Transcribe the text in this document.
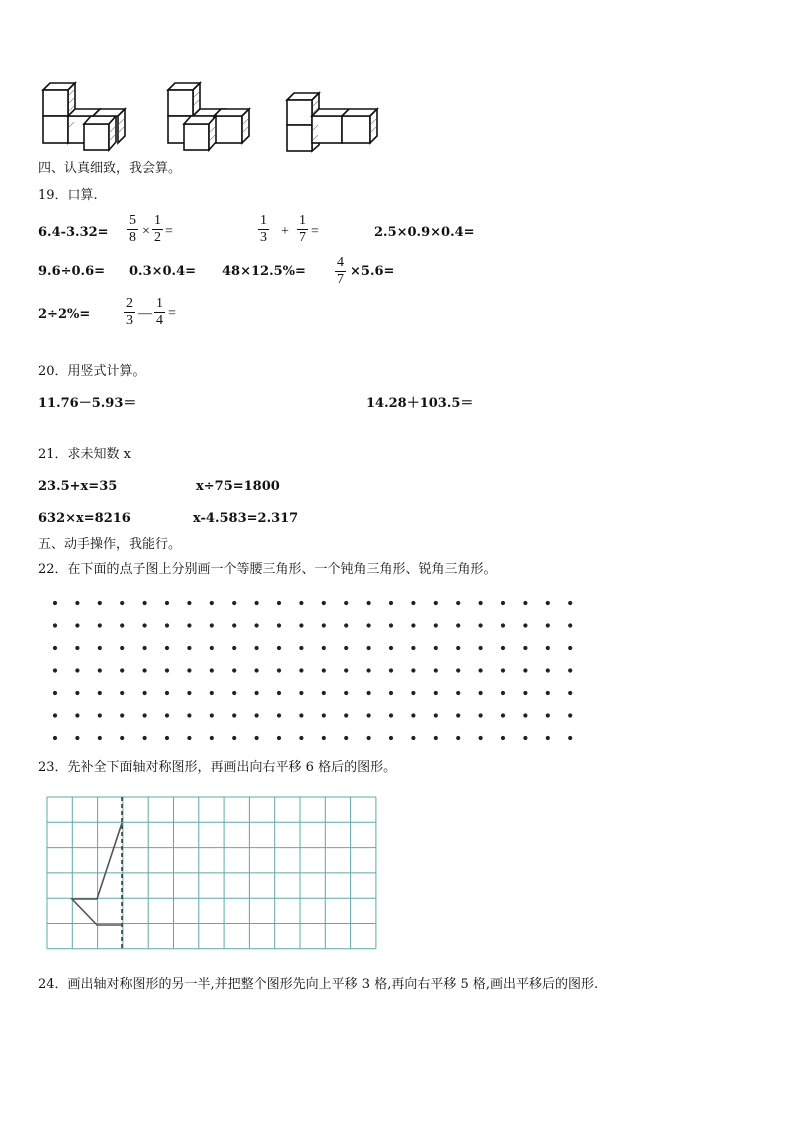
四、认真细致，我会算。
19．口算.
$6.4-3.32= \frac{5}{8} \times \frac{1}{2}$ =	$\frac{1}{3} + \frac{1}{7}$ =	2.5×0.9×0.4=
$9.6\div 0.6= 0.3\times 0.4= 48\times 12.5\%= \frac{4}{7} \times 5.6=$
$2\div 2\%= \frac{2}{3}$ — $\frac{1}{4}$ =
20．用竖式计算。
11.76－5.93＝	14.28＋103.5＝
21．求未知数 x
23.5+x=35	x÷75=1800
632×x=8216	x-4.583=2.317
五、动手操作，我能行。
22．在下面的点子图上分别画一个等腰三角形、一个钝角三角形、锐角三角形。
23．先补全下面轴对称图形，再画出向右平移 6 格后的图形。
24．画出轴对称图形的另一半,并把整个图形先向上平移 3 格,再向右平移 5 格,画出平移后的图形.
